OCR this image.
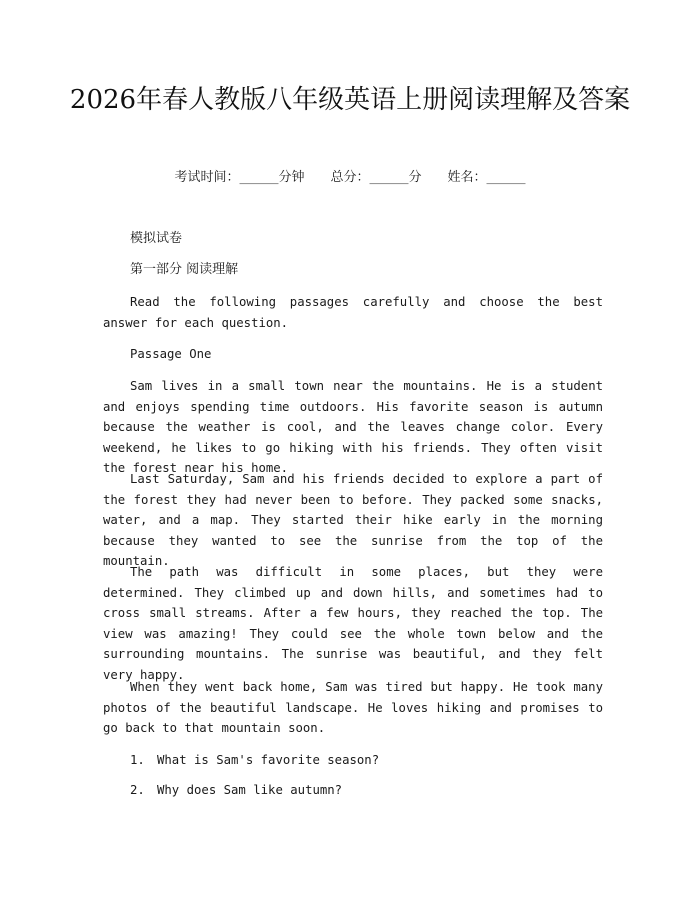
2026年春人教版八年级英语上册阅读理解及答案
考试时间：______分钟 总分：______分 姓名：______
模拟试卷
第一部分 阅读理解
Read the following passages carefully and choose the best answer for each question.
Passage One
Sam lives in a small town near the mountains. He is a student and enjoys spending time outdoors. His favorite season is autumn because the weather is cool, and the leaves change color. Every weekend, he likes to go hiking with his friends. They often visit the forest near his home.
Last Saturday, Sam and his friends decided to explore a part of the forest they had never been to before. They packed some snacks, water, and a map. They started their hike early in the morning because they wanted to see the sunrise from the top of the mountain.
The path was difficult in some places, but they were determined. They climbed up and down hills, and sometimes had to cross small streams. After a few hours, they reached the top. The view was amazing! They could see the whole town below and the surrounding mountains. The sunrise was beautiful, and they felt very happy.
When they went back home, Sam was tired but happy. He took many photos of the beautiful landscape. He loves hiking and promises to go back to that mountain soon.
1. What is Sam's favorite season?
2. Why does Sam like autumn?
